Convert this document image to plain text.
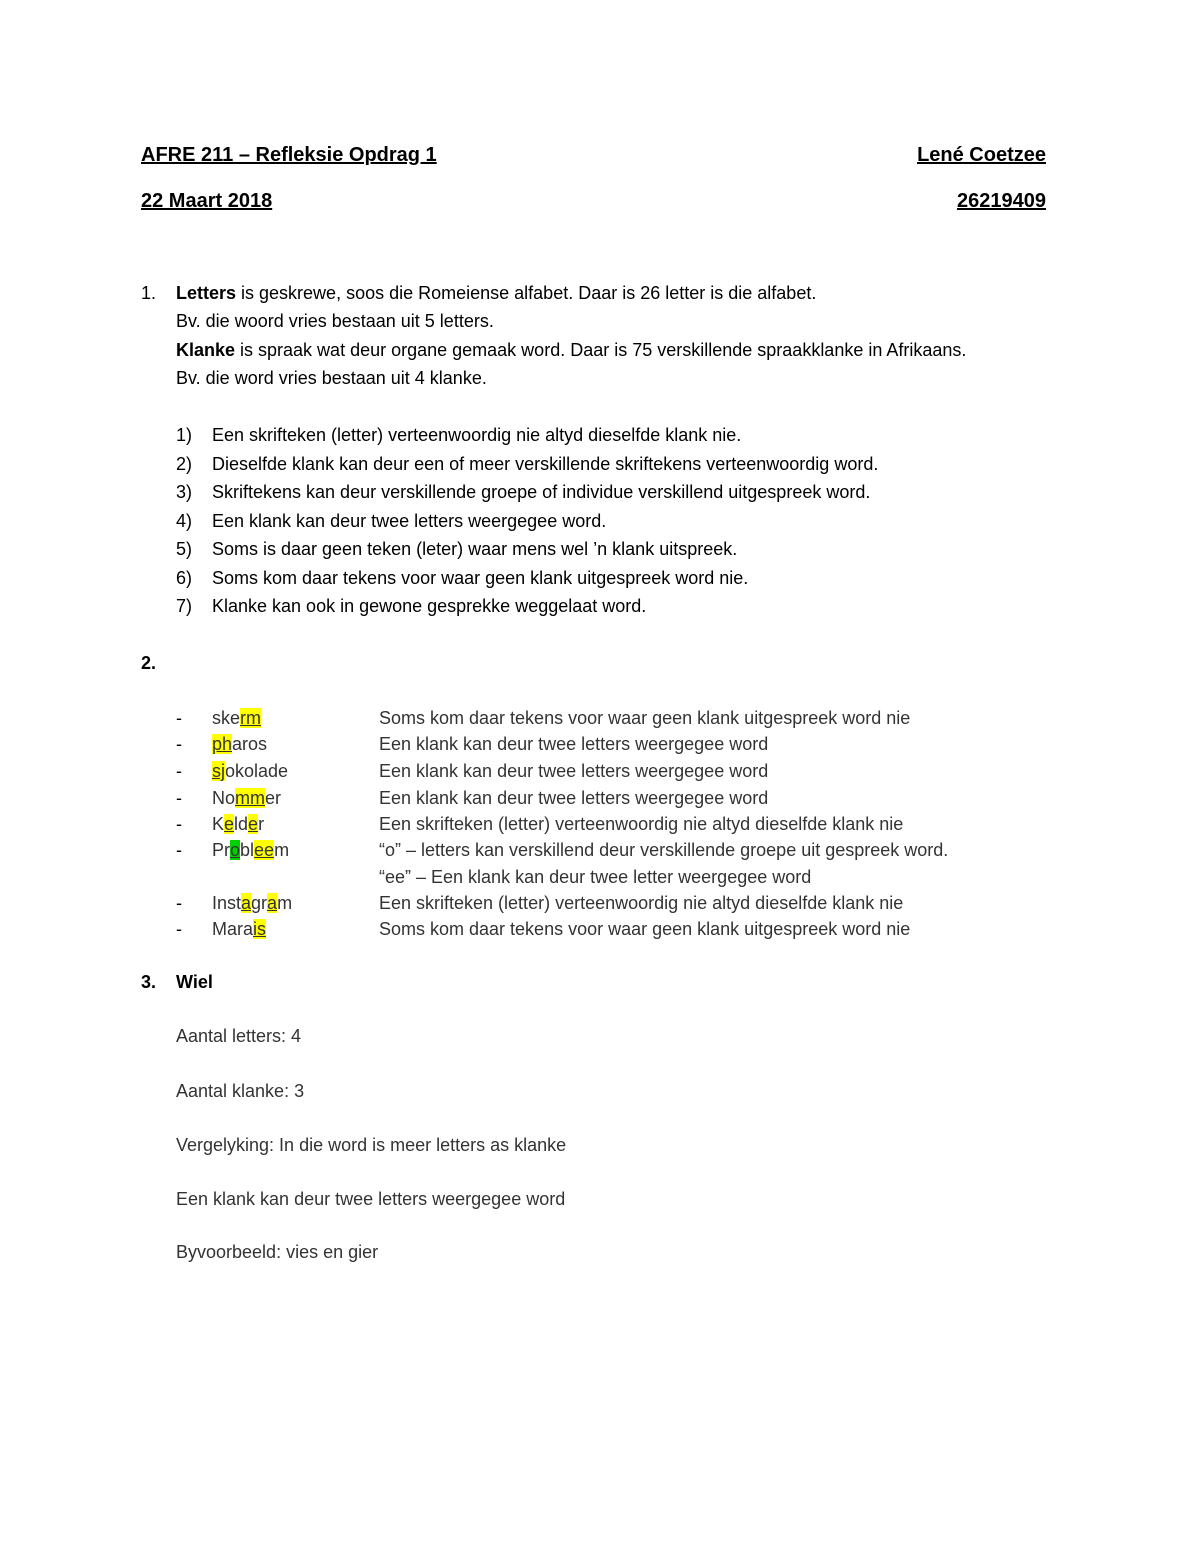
AFRE 211 – Refleksie Opdrag 1	Lené Coetzee
22 Maart 2018	26219409
1. Letters is geskrewe, soos die Romeiense alfabet. Daar is 26 letter is die alfabet.
Bv. die woord vries bestaan uit 5 letters.
Klanke is spraak wat deur organe gemaak word. Daar is 75 verskillende spraakklanke in Afrikaans.
Bv. die word vries bestaan uit 4 klanke.
1) Een skrifteken (letter) verteenwoordig nie altyd dieselfde klank nie.
2) Dieselfde klank kan deur een of meer verskillende skriftekens verteenwoordig word.
3) Skriftekens kan deur verskillende groepe of individue verskillend uitgespreek word.
4) Een klank kan deur twee letters weergegee word.
5) Soms is daar geen teken (leter) waar mens wel ’n klank uitspreek.
6) Soms kom daar tekens voor waar geen klank uitgespreek word nie.
7) Klanke kan ook in gewone gesprekke weggelaat word.
2.
- skerm	Soms kom daar tekens voor waar geen klank uitgespreek word nie
- pharos	Een klank kan deur twee letters weergegee word
- sjokolade	Een klank kan deur twee letters weergegee word
- Nommer	Een klank kan deur twee letters weergegee word
- Kelder	Een skrifteken (letter) verteenwoordig nie altyd dieselfde klank nie
- Probleem	“o” – letters kan verskillend deur verskillende groepe uit gespreek word.
“ee” – Een klank kan deur twee letter weergegee word
- Instagram	Een skrifteken (letter) verteenwoordig nie altyd dieselfde klank nie
- Marais	Soms kom daar tekens voor waar geen klank uitgespreek word nie
3. Wiel
Aantal letters: 4
Aantal klanke: 3
Vergelyking: In die word is meer letters as klanke
Een klank kan deur twee letters weergegee word
Byvoorbeeld: vies en gier
